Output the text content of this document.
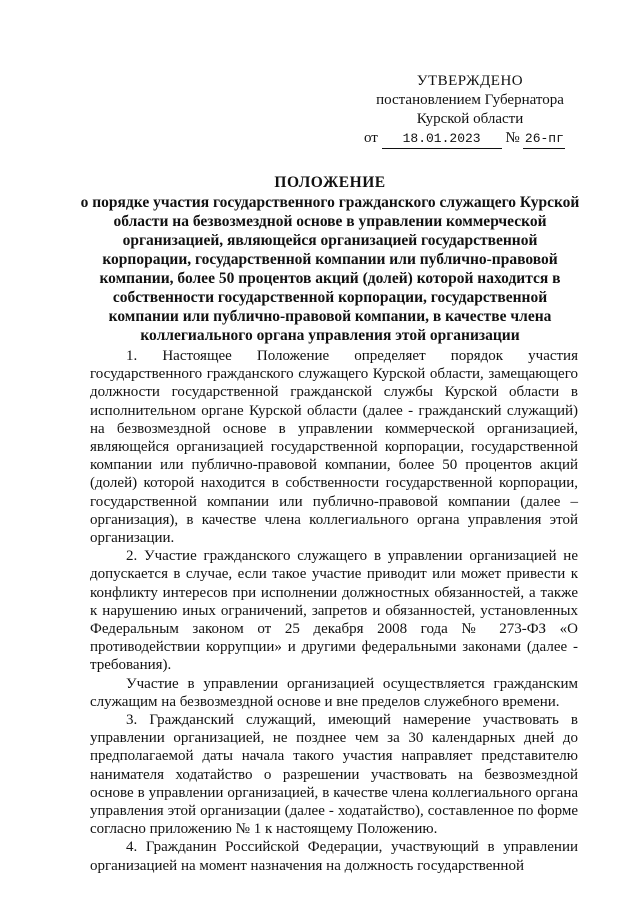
УТВЕРЖДЕНО
постановлением Губернатора
Курской области
от 18.01.2023 № 26-пг
ПОЛОЖЕНИЕ
о порядке участия государственного гражданского служащего Курской области на безвозмездной основе в управлении коммерческой организацией, являющейся организацией государственной корпорации, государственной компании или публично-правовой компании, более 50 процентов акций (долей) которой находится в собственности государственной корпорации, государственной компании или публично-правовой компании, в качестве члена коллегиального органа управления этой организации

1. Настоящее Положение определяет порядок участия государственного гражданского служащего Курской области, замещающего должности государственной гражданской службы Курской области в исполнительном органе Курской области (далее - гражданский служащий) на безвозмездной основе в управлении коммерческой организацией, являющейся организацией государственной корпорации, государственной компании или публично-правовой компании, более 50 процентов акций (долей) которой находится в собственности государственной корпорации, государственной компании или публично-правовой компании (далее – организация), в качестве члена коллегиального органа управления этой организации.

2. Участие гражданского служащего в управлении организацией не допускается в случае, если такое участие приводит или может привести к конфликту интересов при исполнении должностных обязанностей, а также к нарушению иных ограничений, запретов и обязанностей, установленных Федеральным законом от 25 декабря 2008 года № 273-ФЗ «О противодействии коррупции» и другими федеральными законами (далее - требования).

Участие в управлении организацией осуществляется гражданским служащим на безвозмездной основе и вне пределов служебного времени.

3. Гражданский служащий, имеющий намерение участвовать в управлении организацией, не позднее чем за 30 календарных дней до предполагаемой даты начала такого участия направляет представителю нанимателя ходатайство о разрешении участвовать на безвозмездной основе в управлении организацией, в качестве члена коллегиального органа управления этой организации (далее - ходатайство), составленное по форме согласно приложению № 1 к настоящему Положению.

4. Гражданин Российской Федерации, участвующий в управлении организацией на момент назначения на должность государственной
